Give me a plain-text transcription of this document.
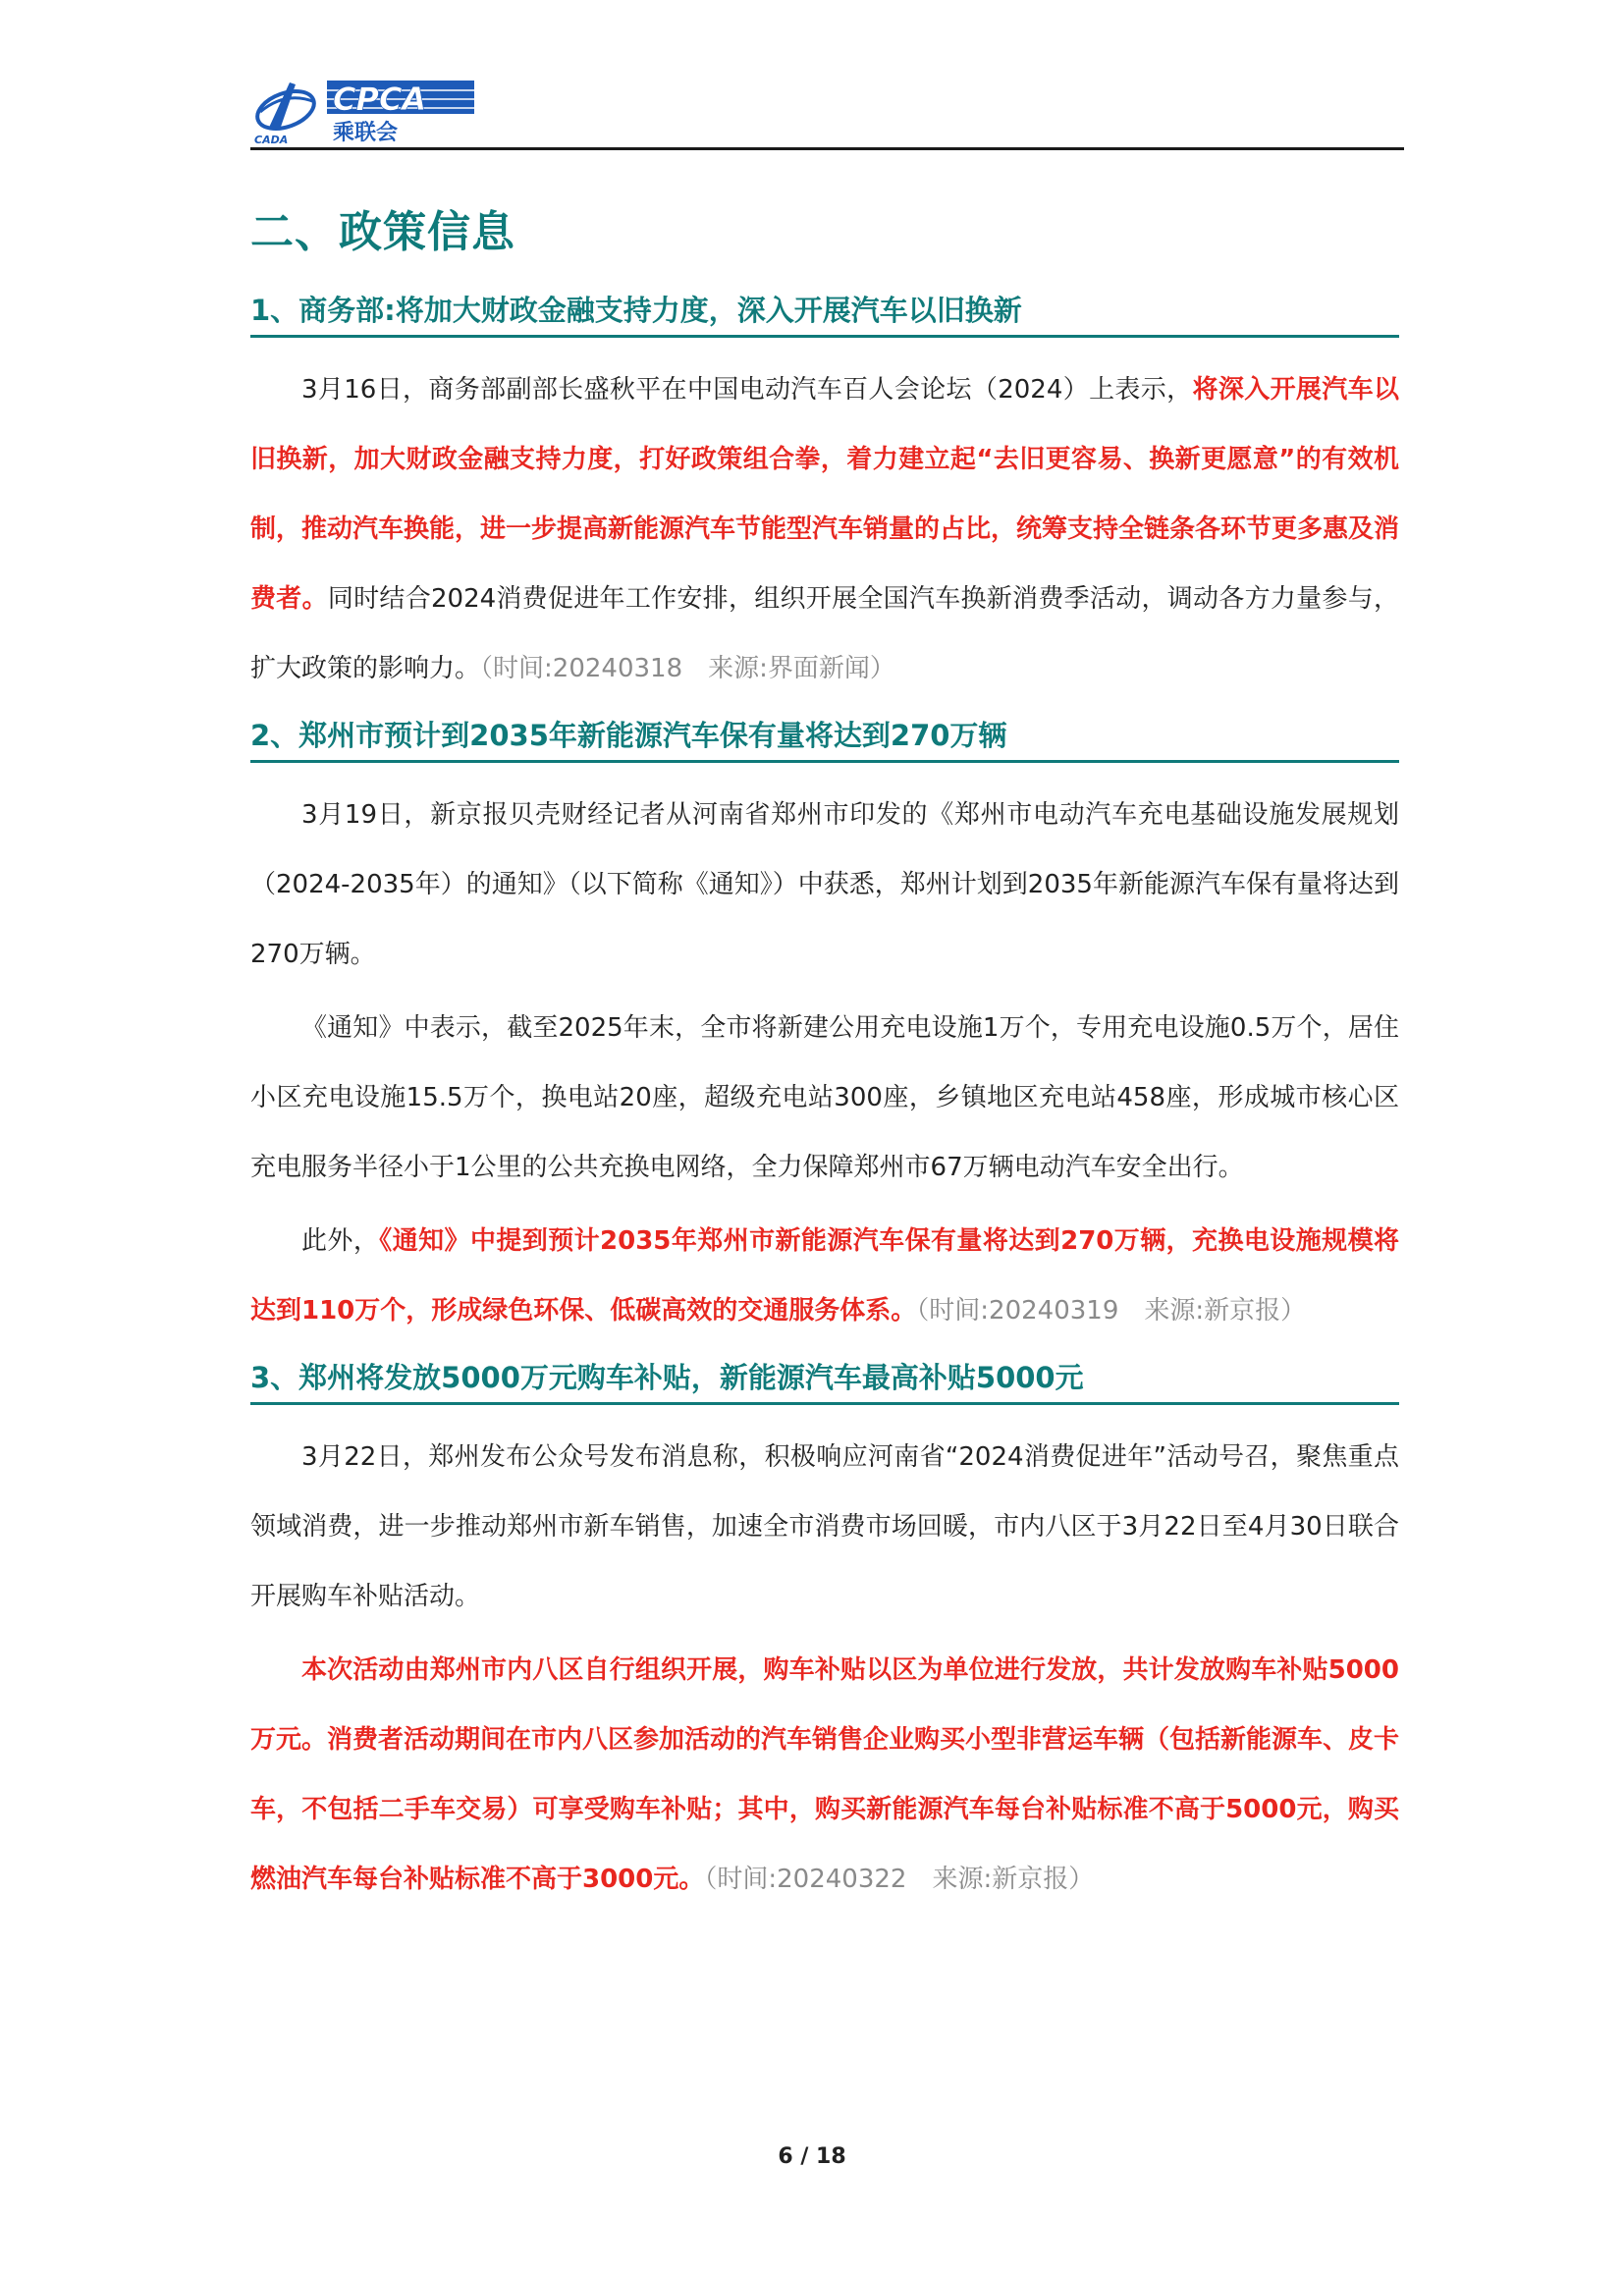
CADA
CPCA
乘联会
二、政策信息
1、商务部:将加大财政金融支持力度，深入开展汽车以旧换新

3月16日，商务部副部长盛秋平在中国电动汽车百人会论坛（2024）上表示，将深入开展汽车以旧换新，加大财政金融支持力度，打好政策组合拳，着力建立起“去旧更容易、换新更愿意”的有效机制，推动汽车换能，进一步提高新能源汽车节能型汽车销量的占比，统筹支持全链条各环节更多惠及消费者。同时结合2024消费促进年工作安排，组织开展全国汽车换新消费季活动，调动各方力量参与，扩大政策的影响力。（时间:20240318　来源:界面新闻）

2、郑州市预计到2035年新能源汽车保有量将达到270万辆

3月19日，新京报贝壳财经记者从河南省郑州市印发的《郑州市电动汽车充电基础设施发展规划（2024-2035年）的通知》（以下简称《通知》）中获悉，郑州计划到2035年新能源汽车保有量将达到270万辆。

《通知》中表示，截至2025年末，全市将新建公用充电设施1万个，专用充电设施0.5万个，居住小区充电设施15.5万个，换电站20座，超级充电站300座，乡镇地区充电站458座，形成城市核心区充电服务半径小于1公里的公共充换电网络，全力保障郑州市67万辆电动汽车安全出行。

此外，《通知》中提到预计2035年郑州市新能源汽车保有量将达到270万辆，充换电设施规模将达到110万个，形成绿色环保、低碳高效的交通服务体系。（时间:20240319　来源:新京报）

3、郑州将发放5000万元购车补贴，新能源汽车最高补贴5000元

3月22日，郑州发布公众号发布消息称，积极响应河南省“2024消费促进年”活动号召，聚焦重点领域消费，进一步推动郑州市新车销售，加速全市消费市场回暖，市内八区于3月22日至4月30日联合开展购车补贴活动。

本次活动由郑州市内八区自行组织开展，购车补贴以区为单位进行发放，共计发放购车补贴5000万元。消费者活动期间在市内八区参加活动的汽车销售企业购买小型非营运车辆（包括新能源车、皮卡车，不包括二手车交易）可享受购车补贴；其中，购买新能源汽车每台补贴标准不高于5000元，购买燃油汽车每台补贴标准不高于3000元。（时间:20240322　来源:新京报）

6 / 18
